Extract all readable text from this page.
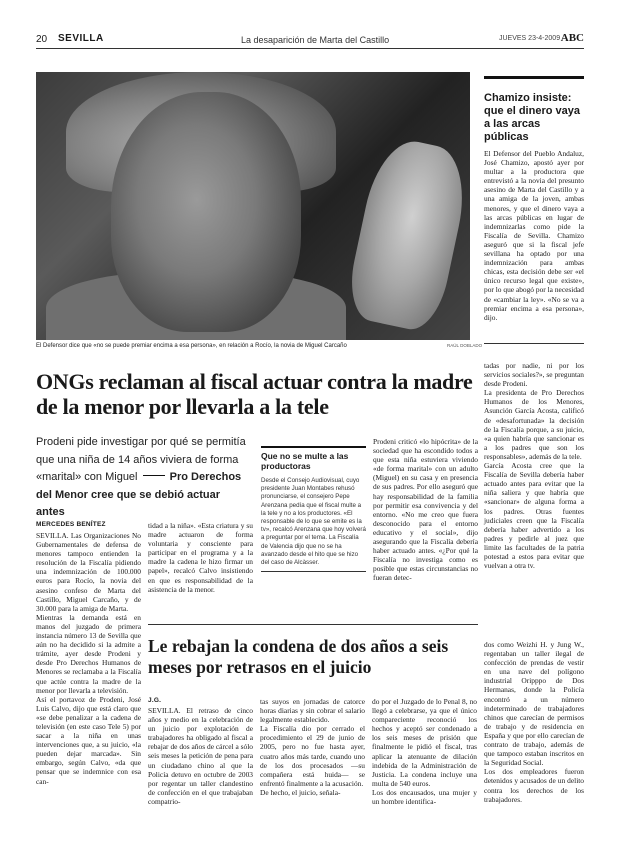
20 SEVILLA	La desaparición de Marta del Castillo	JUEVES 23-4-2009 ABC
El Defensor dice que «no se puede premiar encima a esa persona», en relación a Rocío, la novia de Miguel Carcaño	RAÚL DOBLADO
Chamizo insiste: que el dinero vaya a las arcas públicas
El Defensor del Pueblo Andaluz, José Chamizo, apostó ayer por multar a la productora que entrevistó a la novia del presunto asesino de Marta del Castillo y a una amiga de la joven, ambas menores, y que el dinero vaya a las arcas públicas en lugar de indemnizarlas como pide la Fiscalía de Sevilla. Chamizo aseguró que si la fiscal jefe sevillana ha optado por una indemnización para ambas chicas, esta decisión debe ser «el único recurso legal que existe», por lo que abogó por la necesidad de «cambiar la ley». «No se va a premiar encima a esa persona», dijo.
ONGs reclaman al fiscal actuar contra la madre de la menor por llevarla a la tele
Prodeni pide investigar por qué se permitía que una niña de 14 años viviera de forma «marital» con Miguel	Pro Derechos del Menor cree que se debió actuar antes
MERCEDES BENÍTEZ
SEVILLA. Las Organizaciones No Gubernamentales de defensa de menores tampoco entienden la resolución de la Fiscalía pidiendo una indemnización de 100.000 euros para Rocío, la novia del asesino confeso de Marta del Castillo, Miguel Carcaño, y de 30.000 para la amiga de Marta.
Mientras la demanda está en manos del juzgado de primera instancia número 13 de Sevilla que aún no ha decidido si la admite a trámite, ayer desde Prodeni y desde Pro Derechos Humanos de Menores se reclamaba a la Fiscalía que actúe contra la madre de la menor por llevarla a televisión.
Así el portavoz de Prodeni, José Luis Calvo, dijo que está claro que «se debe penalizar a la cadena de televisión (en este caso Tele 5) por sacar a la niña en unas intervenciones que, a su juicio, «la pueden dejar marcada». Sin embargo, según Calvo, «da que pensar que se indemnice con esa can-
tidad a la niña». «Esta criatura y su madre actuaron de forma voluntaria y consciente para participar en el programa y a la madre la cadena le hizo firmar un papel», recalcó Calvo insistiendo en que es responsabilidad de la asistencia de la menor.
Que no se multe a las productoras
Desde el Consejo Audiovisual, cuyo presidente Juan Montabes rehusó pronunciarse, el consejero Pepe Arenzana pedía que el fiscal multe a la tele y no a los productores. «El responsable de lo que se emite es la tv», recalcó Arenzana que hoy volverá a preguntar por el tema. La Fiscalía de Valencia dijo que no se ha avanzado desde el hito que se hizo del caso de Alcàsser.
Prodeni criticó «lo hipócrita» de la sociedad que ha escondido todos a que esta niña estuviera viviendo «de forma marital» con un adulto (Miguel) en su casa y en presencia de sus padres. Por ello aseguró que hay responsabilidad de la familia por permitir esa convivencia y del entorno. «No me creo que fuera desconocido para el entorno educativo y el social», dijo asegurando que la Fiscalía debería haber actuado antes. «¿Por qué la Fiscalía no investiga como es posible que estas circunstancias no fueran detec-
tadas por nadie, ni por los servicios sociales?», se preguntan desde Prodeni.
La presidenta de Pro Derechos Humanos de los Menores, Asunción García Acosta, calificó de «desafortunada» la decisión de la Fiscalía porque, a su juicio, «a quien habría que sancionar es a los padres que son los responsables», además de la tele.
García Acosta cree que la Fiscalía de Sevilla debería haber actuado antes para evitar que la niña saliera y que habría que «sancionar» de alguna forma a los padres. Otras fuentes judiciales creen que la Fiscalía debería haber advertido a los padres y pedirle al juez que limite las facultades de la patria potestad a estos para evitar que vuelvan a otra tv.
Le rebajan la condena de dos años a seis meses por retrasos en el juicio
J.G.
SEVILLA. El retraso de cinco años y medio en la celebración de un juicio por explotación de trabajadores ha obligado al fiscal a rebajar de dos años de cárcel a sólo seis meses la petición de pena para un ciudadano chino al que la Policía detuvo en octubre de 2003 por regentar un taller clandestino de confección en el que trabajaban compatrio-
tas suyos en jornadas de catorce horas diarias y sin cobrar el salario legalmente establecido.
La Fiscalía dio por cerrado el procedimiento el 29 de junio de 2005, pero no fue hasta ayer, cuatro años más tarde, cuando uno de los dos procesados —su compañera está huida— se enfrentó finalmente a la acusación.
De hecho, el juicio, señala-
do por el Juzgado de lo Penal 8, no llegó a celebrarse, ya que el único compareciente reconoció los hechos y aceptó ser condenado a los seis meses de prisión que finalmente le pidió el fiscal, tras aplicar la atenuante de dilación indebida de la Administración de Justicia. La condena incluye una multa de 540 euros.
Los dos encausados, una mujer y un hombre identifica-
dos como Weizhi H. y Jung W., regentaban un taller ilegal de confección de prendas de vestir en una nave del polígono industrial Oripppo de Dos Hermanas, donde la Policía encontró a un número indeterminado de trabajadores chinos que carecían de permisos de trabajo y de residencia en España y que por ello carecían de contrato de trabajo, además de que tampoco estaban inscritos en la Seguridad Social.
Los dos empleadores fueron detenidos y acusados de un delito contra los derechos de los trabajadores.
